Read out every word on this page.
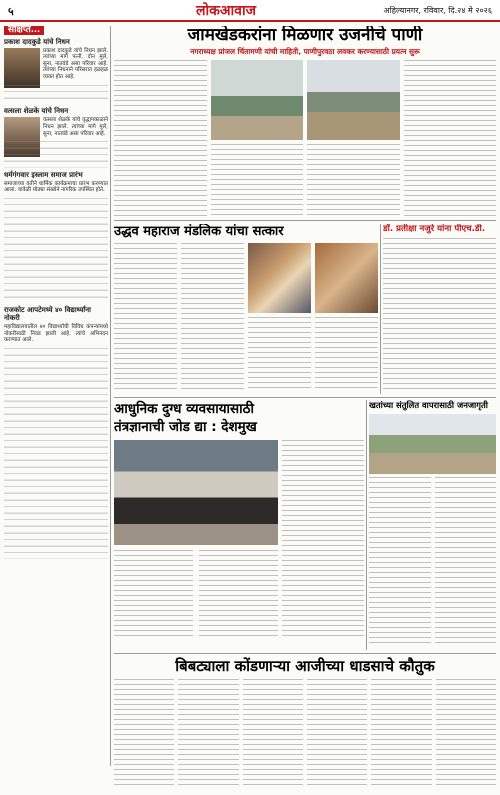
५	लोकआवाज	अहिल्यानगर, रविवार, दि.२४ मे २०२६
संक्षिप्त...
प्रकाश दादकुडे यांचे निधन
प्रकाश दादकुडे यांचे निधन झाले. त्यांच्या मागे पत्नी, दोन मुले, सुना, नातवंडे असा परिवार आहे. त्यांच्या निधनाने परिसरात हळहळ व्यक्त होत आहे.
वत्सला शेळके यांचे निधन
वत्सला शेळके यांचे वृद्धापकाळाने निधन झाले. त्यांच्या मागे मुले, सुना, नातवंडे असा परिवार आहे.
धर्मगंगवार इस्लाम समाज प्रारंभ
समाजाच्या वतीने धार्मिक कार्यक्रमाचा प्रारंभ करण्यात आला. यावेळी मोठ्या संख्येने नागरिक उपस्थित होते.
राजकोट आपटेमध्ये ४० विद्यार्थ्यांना नोकरी
महाविद्यालयातील ४० विद्यार्थ्यांची विविध कंपन्यांमध्ये नोकरीसाठी निवड झाली आहे. त्यांचे अभिनंदन करण्यात आले.
जामखेडकरांना मिळणार उजनीचे पाणी
नगराध्यक्ष प्रांजल चिंतामणी यांची माहिती, पाणीपुरवठा लवकर करण्यासाठी प्रयत्न सुरू
उद्धव महाराज मंडलिक यांचा सत्कार	डॉ. प्रतीक्षा नजुरे यांना पीएच.डी.
आधुनिक दुग्ध व्यवसायासाठी
तंत्रज्ञानाची जोड द्या : देशमुख
खतांच्या संतुलित वापरासाठी जनजागृती
बिबट्याला कोंडणाऱ्या आजीच्या धाडसाचे कौतुक
